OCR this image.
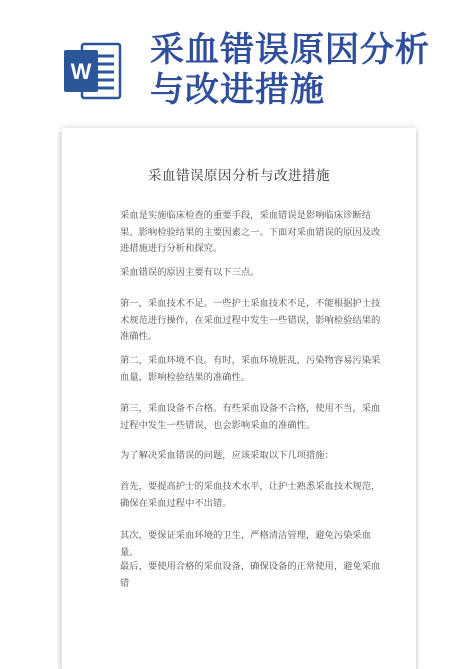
W
采血错误原因分析
与改进措施
采血错误原因分析与改进措施

采血是实施临床检查的重要手段，采血错误是影响临床诊断结果、影响检验结果的主要因素之一。下面对采血错误的原因及改进措施进行分析和探究。

采血错误的原因主要有以下三点。

第一，采血技术不足。一些护士采血技术不足，不能根据护士技术规范进行操作，在采血过程中发生一些错误，影响检验结果的准确性。

第二，采血环境不良。有时，采血环境脏乱，污染物容易污染采血量，影响检验结果的准确性。

第三，采血设备不合格。有些采血设备不合格，使用不当，采血过程中发生一些错误，也会影响采血的准确性。

为了解决采血错误的问题，应该采取以下几项措施：

首先，要提高护士的采血技术水平，让护士熟悉采血技术规范，确保在采血过程中不出错。

其次，要保证采血环境的卫生，严格清洁管理，避免污染采血量。

最后，要使用合格的采血设备，确保设备的正常使用，避免采血错
